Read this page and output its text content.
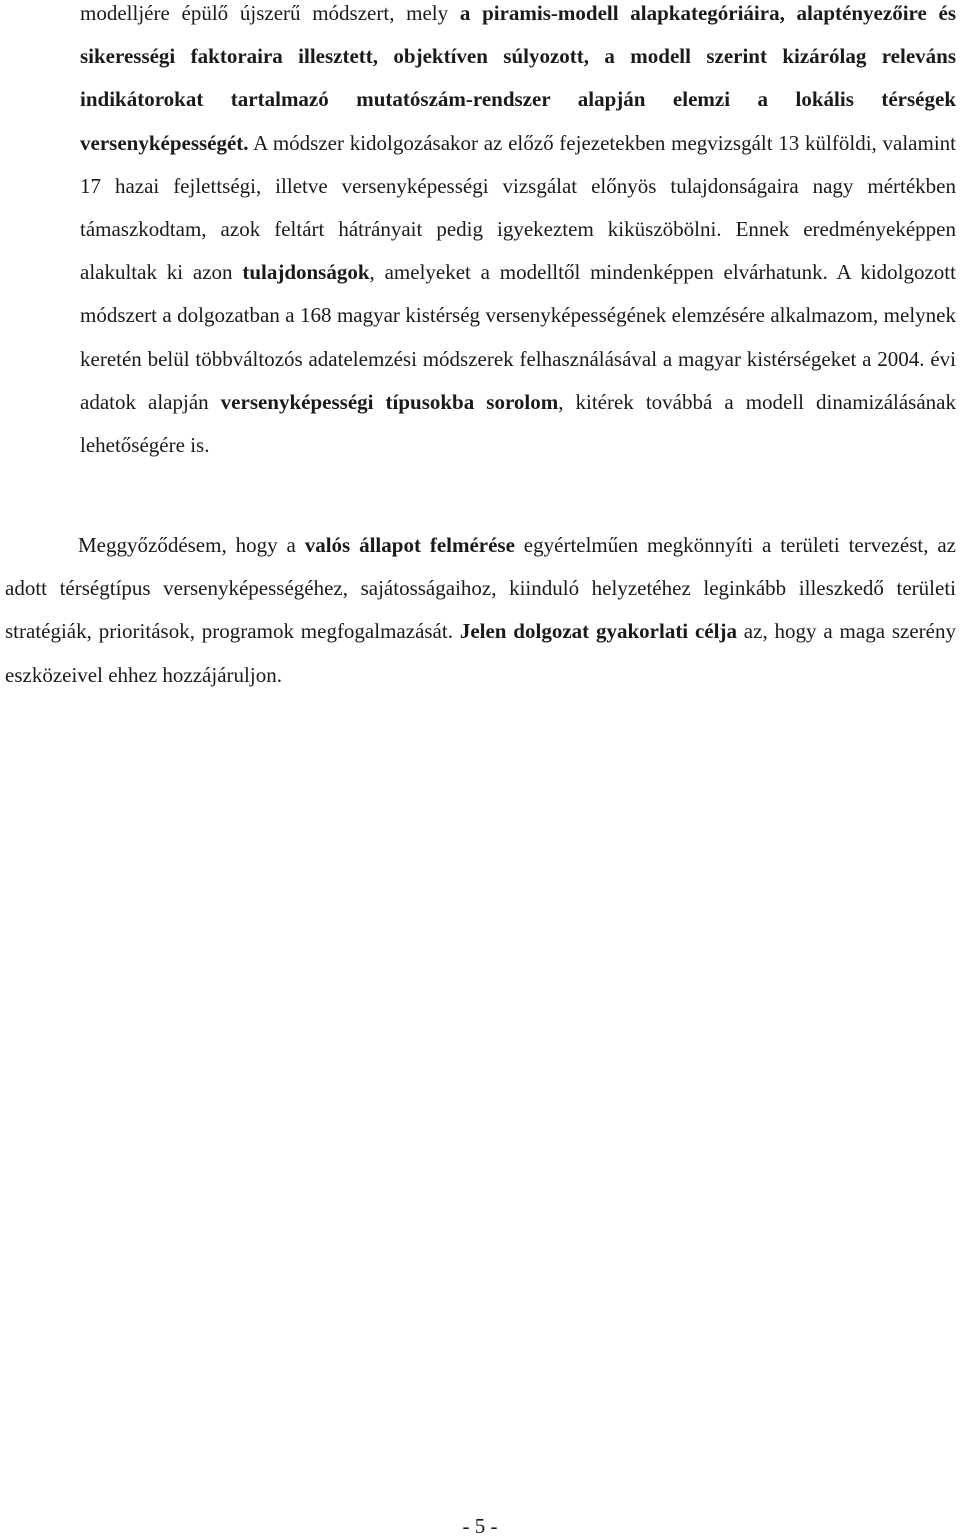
modelljére épülő újszerű módszert, mely a piramis-modell alapkategóriáira, alaptényezőire és sikerességi faktoraira illesztett, objektíven súlyozott, a modell szerint kizárólag releváns indikátorokat tartalmazó mutatószám-rendszer alapján elemzi a lokális térségek versenyképességét. A módszer kidolgozásakor az előző fejezetekben megvizsgált 13 külföldi, valamint 17 hazai fejlettségi, illetve versenyképességi vizsgálat előnyös tulajdonságaira nagy mértékben támaszkodtam, azok feltárt hátrányait pedig igyekeztem kiküszöbölni. Ennek eredményeképpen alakultak ki azon tulajdonságok, amelyeket a modelltől mindenképpen elvárhatunk. A kidolgozott módszert a dolgozatban a 168 magyar kistérség versenyképességének elemzésére alkalmazom, melynek keretén belül többváltozós adatelemzési módszerek felhasználásával a magyar kistérségeket a 2004. évi adatok alapján versenyképességi típusokba sorolom, kitérek továbbá a modell dinamizálásának lehetőségére is.

Meggyőződésem, hogy a valós állapot felmérése egyértelműen megkönnyíti a területi tervezést, az adott térségtípus versenyképességéhez, sajátosságaihoz, kiinduló helyzetéhez leginkább illeszkedő területi stratégiák, prioritások, programok megfogalmazását. Jelen dolgozat gyakorlati célja az, hogy a maga szerény eszközeivel ehhez hozzájáruljon.

- 5 -
